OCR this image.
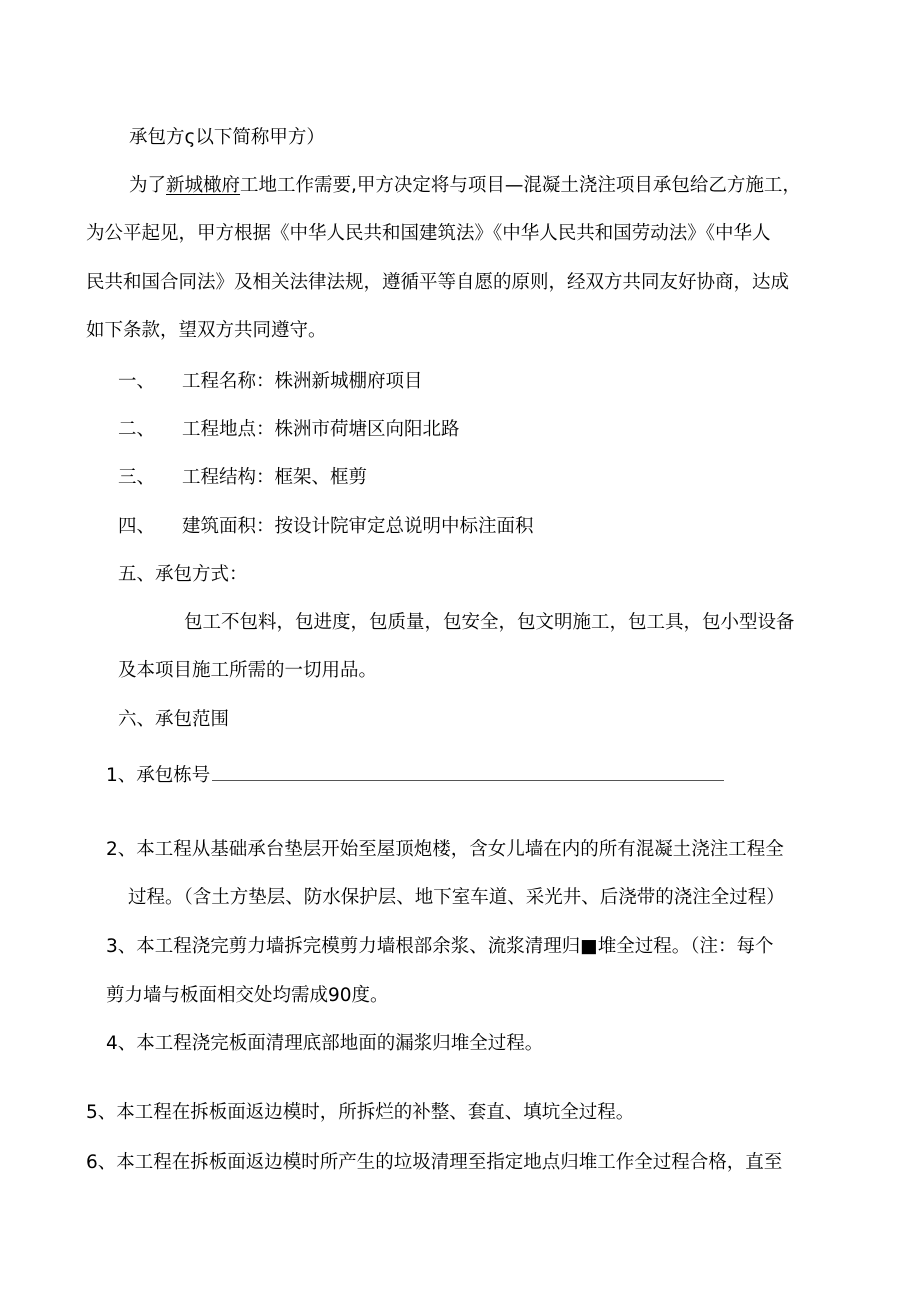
承包方ς以下简称甲方）
为了新城橄府工地工作需要,甲方决定将与项目—混凝土浇注项目承包给乙方施工，
为公平起见，甲方根据《中华人民共和国建筑法》《中华人民共和国劳动法》《中华人
民共和国合同法》及相关法律法规，遵循平等自愿的原则，经双方共同友好协商，达成
如下条款，望双方共同遵守。
一、 工程名称：株洲新城棚府项目
二、 工程地点：株洲市荷塘区向阳北路
三、 工程结构：框架、框剪
四、 建筑面积：按设计院审定总说明中标注面积
五、承包方式：
包工不包料，包进度，包质量，包安全，包文明施工，包工具，包小型设备
及本项目施工所需的一切用品。
六、承包范围
1、承包栋号
2、本工程从基础承台垫层开始至屋顶炮楼，含女儿墙在内的所有混凝土浇注工程全
过程。（含土方垫层、防水保护层、地下室车道、采光井、后浇带的浇注全过程）
3、本工程浇完剪力墙拆完模剪力墙根部余浆、流浆清理归■堆全过程。（注：每个
剪力墙与板面相交处均需成90度。
4、本工程浇完板面清理底部地面的漏浆归堆全过程。
5、本工程在拆板面返边模时，所拆烂的补整、套直、填坑全过程。
6、本工程在拆板面返边模时所产生的垃圾清理至指定地点归堆工作全过程合格，直至
